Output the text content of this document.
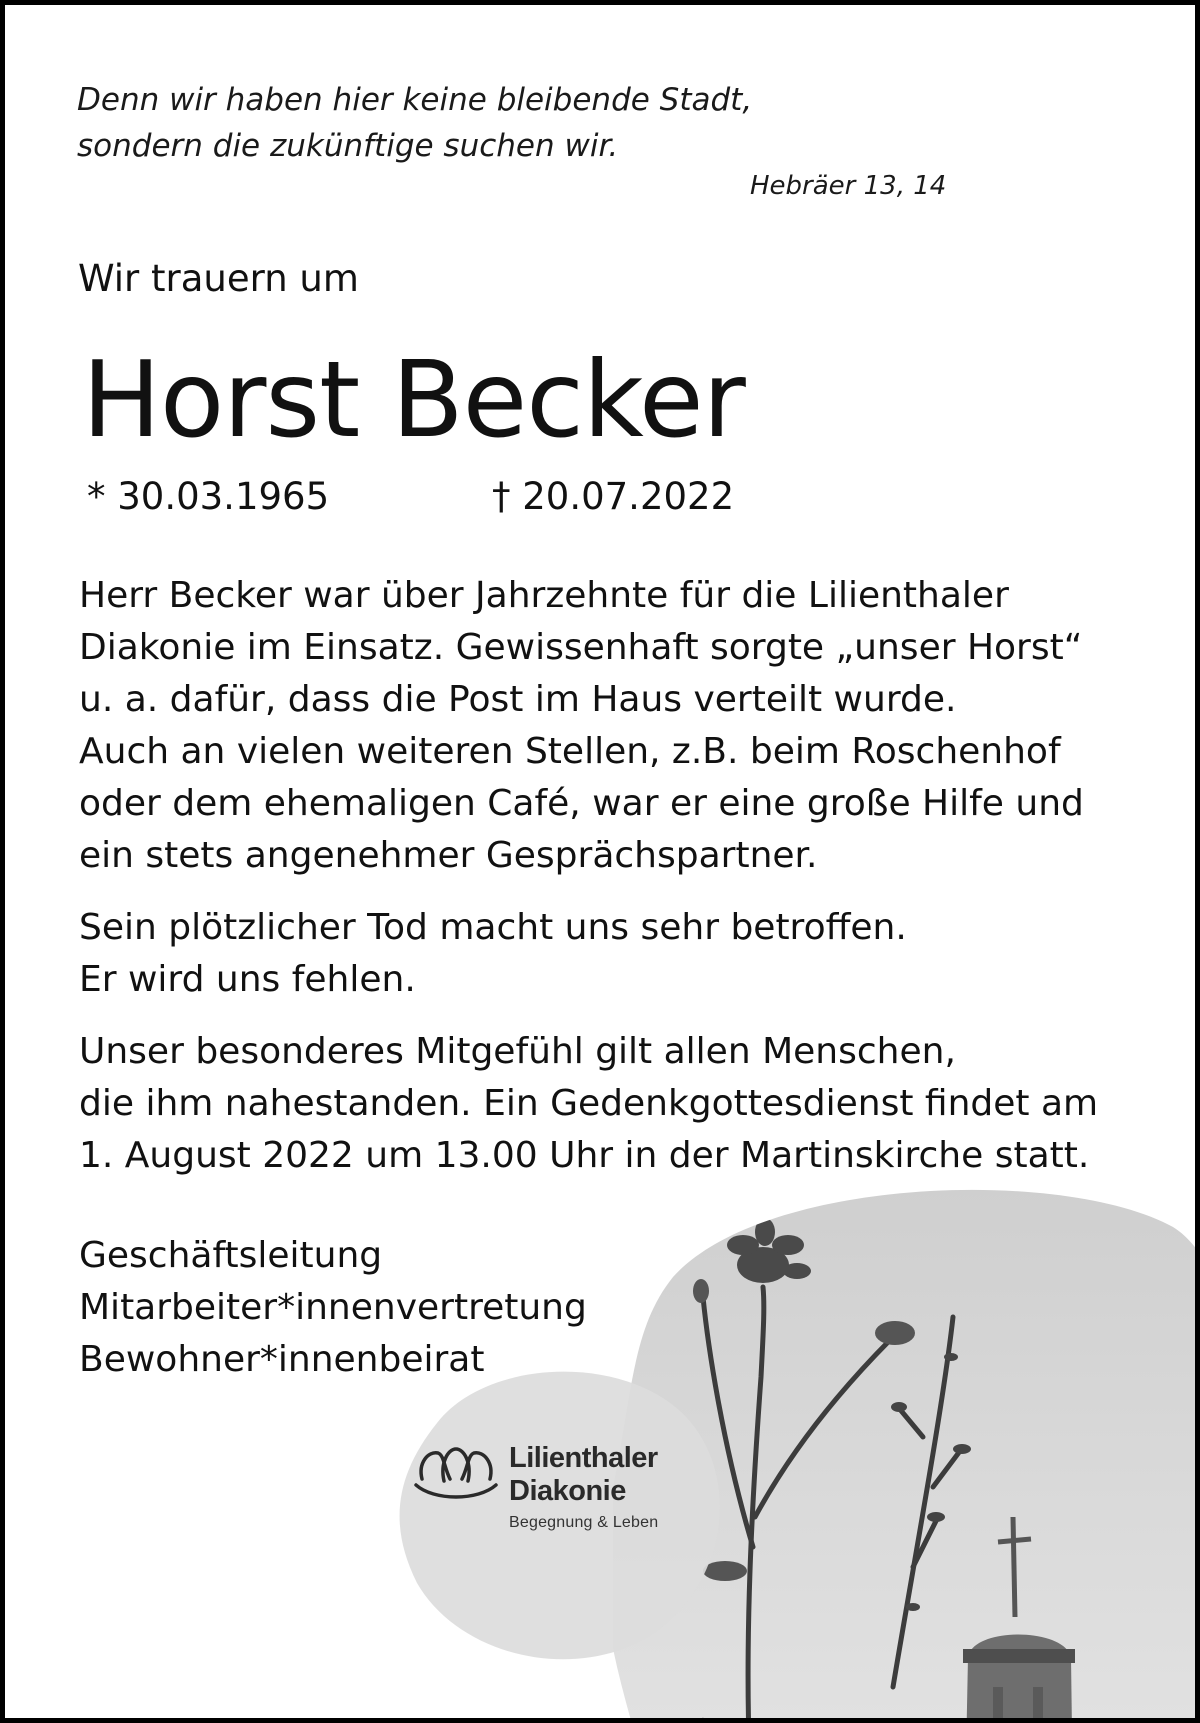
Denn wir haben hier keine bleibende Stadt,
sondern die zukünftige suchen wir.
Hebräer 13, 14
Wir trauern um
Horst Becker
* 30.03.1965	† 20.07.2022
Herr Becker war über Jahrzehnte für die Lilienthaler
Diakonie im Einsatz. Gewissenhaft sorgte „unser Horst“
u. a. dafür, dass die Post im Haus verteilt wurde.
Auch an vielen weiteren Stellen, z.B. beim Roschenhof
oder dem ehemaligen Café, war er eine große Hilfe und
ein stets angenehmer Gesprächspartner.
Sein plötzlicher Tod macht uns sehr betroffen.
Er wird uns fehlen.
Unser besonderes Mitgefühl gilt allen Menschen,
die ihm nahestanden. Ein Gedenkgottesdienst findet am
1. August 2022 um 13.00 Uhr in der Martinskirche statt.
Lilienthaler
Diakonie
Begegnung & Leben
Geschäftsleitung
Mitarbeiter*innenvertretung
Bewohner*innenbeirat
